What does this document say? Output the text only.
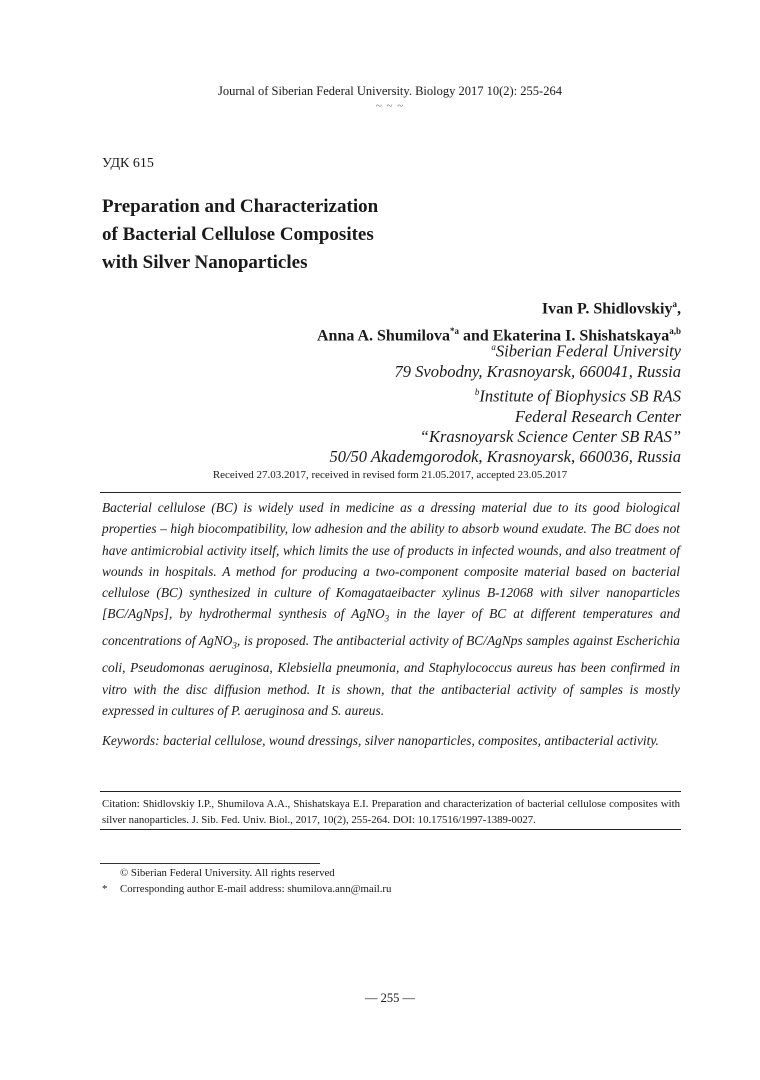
Journal of Siberian Federal University. Biology 2017 10(2): 255-264
~ ~ ~
УДК 615
Preparation and Characterization
of Bacterial Cellulose Composites
with Silver Nanoparticles
Ivan P. Shidlovskiy$^a$,
Anna A. Shumilova$^{*a}$ and Ekaterina I. Shishatskaya$^{a,b}$
$^a$Siberian Federal University
79 Svobodny, Krasnoyarsk, 660041, Russia
$^b$Institute of Biophysics SB RAS
Federal Research Center
“Krasnoyarsk Science Center SB RAS”
50/50 Akademgorodok, Krasnoyarsk, 660036, Russia
Received 27.03.2017, received in revised form 21.05.2017, accepted 23.05.2017
Bacterial cellulose (BC) is widely used in medicine as a dressing material due to its good biological properties – high biocompatibility, low adhesion and the ability to absorb wound exudate. The BC does not have antimicrobial activity itself, which limits the use of products in infected wounds, and also treatment of wounds in hospitals. A method for producing a two-component composite material based on bacterial cellulose (BC) synthesized in culture of Komagataeibacter xylinus B-12068 with silver nanoparticles [BC/AgNps], by hydrothermal synthesis of AgNO$_3$ in the layer of BC at different temperatures and concentrations of AgNO$_3$, is proposed. The antibacterial activity of BC/AgNps samples against Escherichia coli, Pseudomonas aeruginosa, Klebsiella pneumonia, and Staphylococcus aureus has been confirmed in vitro with the disc diffusion method. It is shown, that the antibacterial activity of samples is mostly expressed in cultures of P. aeruginosa and S. aureus.
Keywords: bacterial cellulose, wound dressings, silver nanoparticles, composites, antibacterial activity.
Citation: Shidlovskiy I.P., Shumilova A.A., Shishatskaya E.I. Preparation and characterization of bacterial cellulose composites with silver nanoparticles. J. Sib. Fed. Univ. Biol., 2017, 10(2), 255-264. DOI: 10.17516/1997-1389-0027.
© Siberian Federal University. All rights reserved
* Corresponding author E-mail address: shumilova.ann@mail.ru
— 255 —
